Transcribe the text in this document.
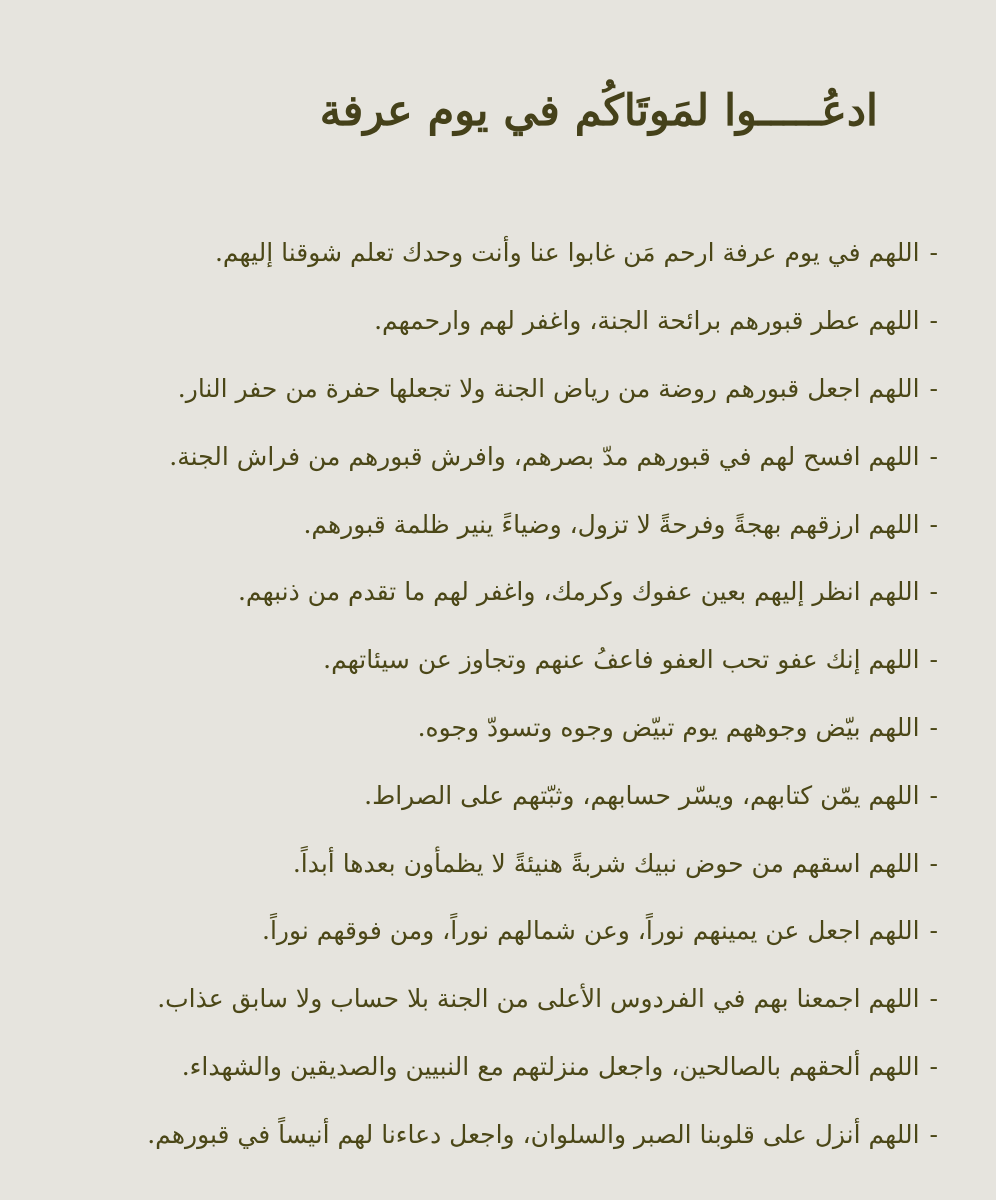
ادعُـــــوا لمَوتَاكُم في يوم عرفة
-
اللهم في يوم عرفة ارحم مَن غابوا عنا وأنت وحدك تعلم شوقنا إليهم.
-
اللهم عطر قبورهم برائحة الجنة، واغفر لهم وارحمهم.
-
اللهم اجعل قبورهم روضة من رياض الجنة ولا تجعلها حفرة من حفر النار.
-
اللهم افسح لهم في قبورهم مدّ بصرهم، وافرش قبورهم من فراش الجنة.
-
اللهم ارزقهم بهجةً وفرحةً لا تزول، وضياءً ينير ظلمة قبورهم.
-
اللهم انظر إليهم بعين عفوك وكرمك، واغفر لهم ما تقدم من ذنبهم.
-
اللهم إنك عفو تحب العفو فاعفُ عنهم وتجاوز عن سيئاتهم.
-
اللهم بيّض وجوههم يوم تبيّض وجوه وتسودّ وجوه.
-
اللهم يمّن كتابهم، ويسّر حسابهم، وثبّتهم على الصراط.
-
اللهم اسقهم من حوض نبيك شربةً هنيئةً لا يظمأون بعدها أبداً.
-
اللهم اجعل عن يمينهم نوراً، وعن شمالهم نوراً، ومن فوقهم نوراً.
-
اللهم اجمعنا بهم في الفردوس الأعلى من الجنة بلا حساب ولا سابق عذاب.
-
اللهم ألحقهم بالصالحين، واجعل منزلتهم مع النبيين والصديقين والشهداء.
-
اللهم أنزل على قلوبنا الصبر والسلوان، واجعل دعاءنا لهم أنيساً في قبورهم.
